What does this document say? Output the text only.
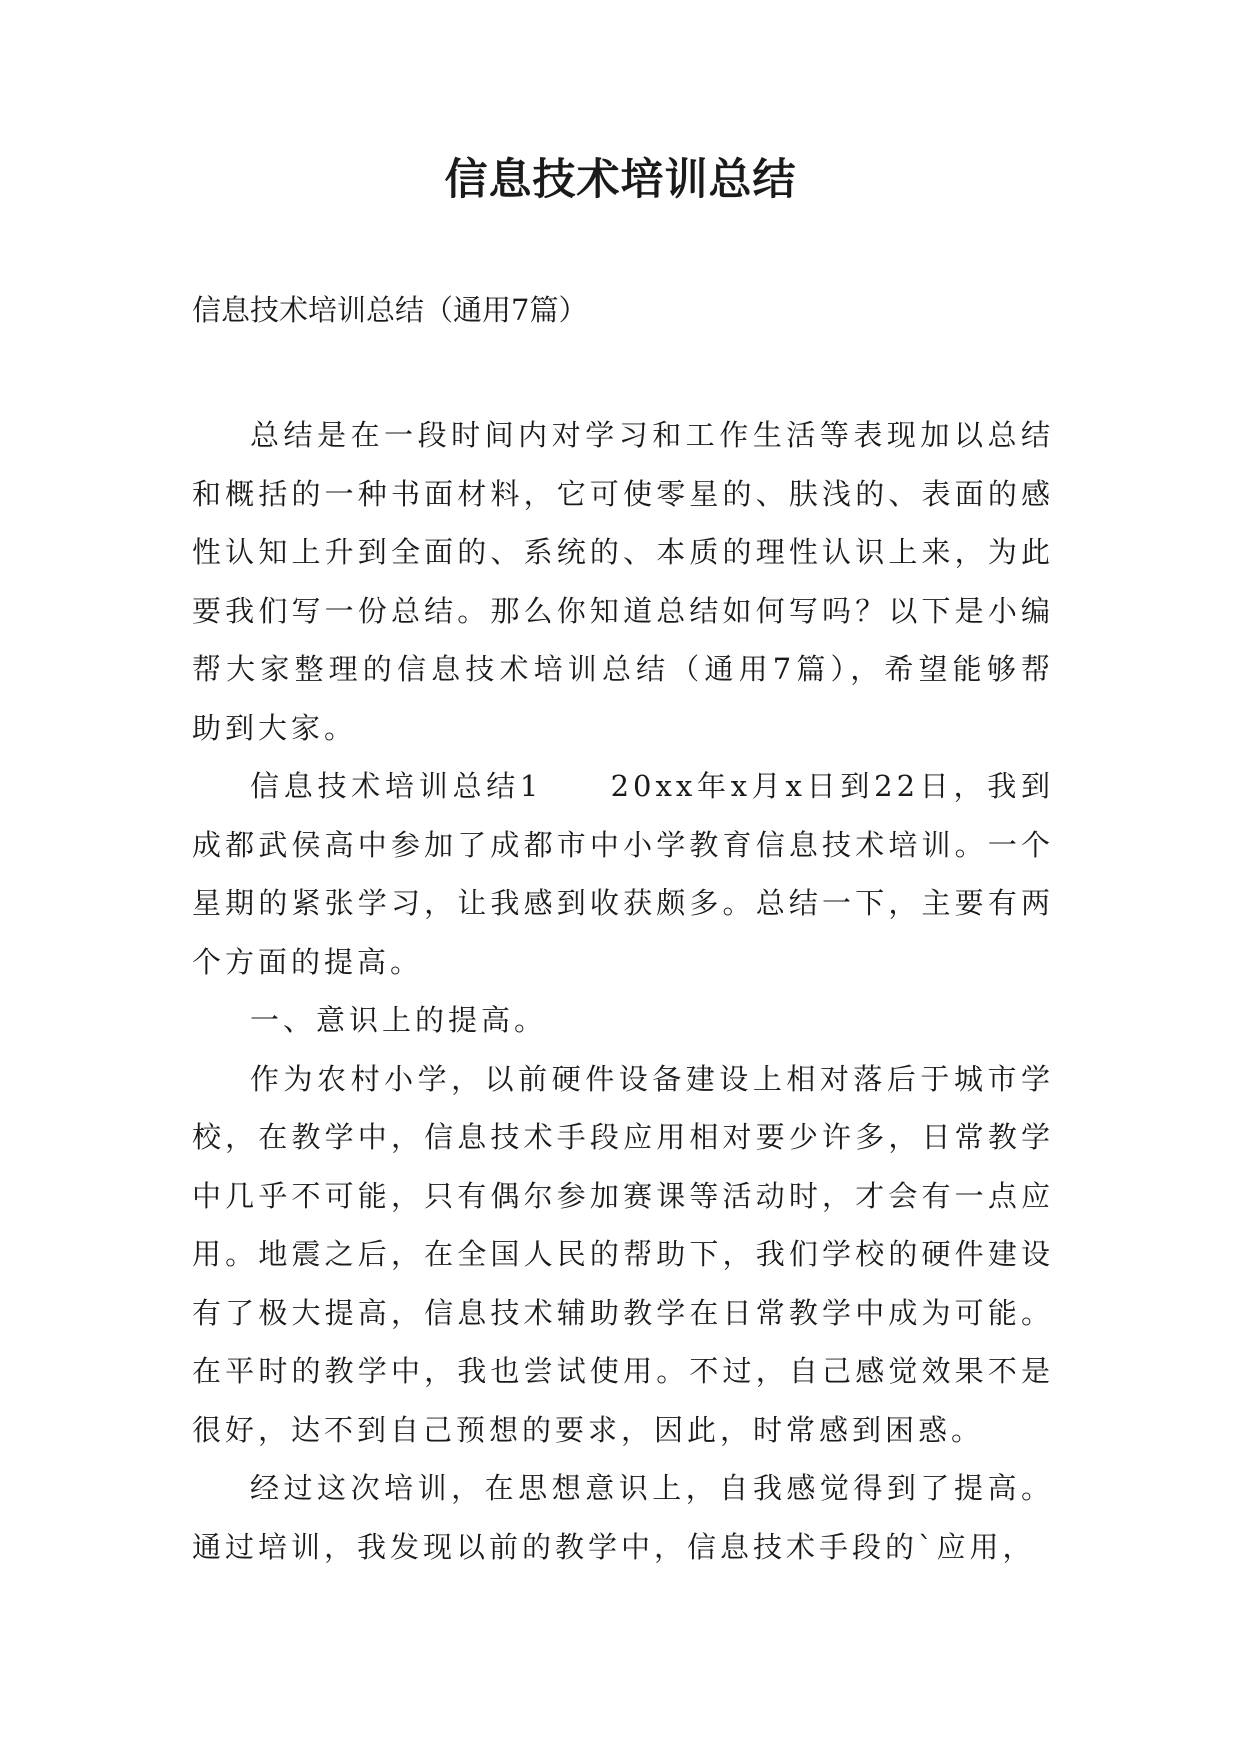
信息技术培训总结
信息技术培训总结（通用7篇）

总结是在一段时间内对学习和工作生活等表现加以总结和概括的一种书面材料，它可使零星的、肤浅的、表面的感性认知上升到全面的、系统的、本质的理性认识上来，为此要我们写一份总结。那么你知道总结如何写吗？以下是小编帮大家整理的信息技术培训总结（通用7篇），希望能够帮助到大家。

信息技术培训总结1　　20xx年x月x日到22日，我到成都武侯高中参加了成都市中小学教育信息技术培训。一个星期的紧张学习，让我感到收获颇多。总结一下，主要有两个方面的提高。

一、意识上的提高。

作为农村小学，以前硬件设备建设上相对落后于城市学校，在教学中，信息技术手段应用相对要少许多，日常教学中几乎不可能，只有偶尔参加赛课等活动时，才会有一点应用。地震之后，在全国人民的帮助下，我们学校的硬件建设有了极大提高，信息技术辅助教学在日常教学中成为可能。在平时的教学中，我也尝试使用。不过，自己感觉效果不是很好，达不到自己预想的要求，因此，时常感到困惑。

经过这次培训，在思想意识上，自我感觉得到了提高。通过培训，我发现以前的教学中，信息技术手段的`应用，
